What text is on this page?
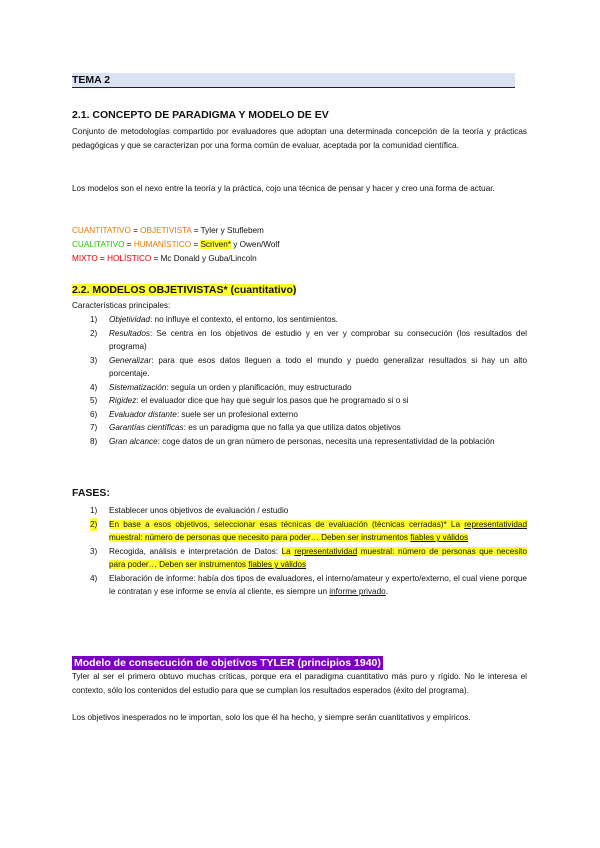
TEMA 2
2.1. CONCEPTO DE PARADIGMA Y MODELO DE EV
Conjunto de metodologías compartido por evaluadores que adoptan una determinada concepción de la teoría y prácticas pedagógicas y que se caracterizan por una forma común de evaluar, aceptada por la comunidad científica.
Los modelos son el nexo entre la teoría y la práctica, cojo una técnica de pensar y hacer y creo una forma de actuar.
CUANTITATIVO = OBJETIVISTA = Tyler y Stuflebem
CUALITATIVO = HUMANÍSTICO = Scriven* y Owen/Wolf
MIXTO = HOLÍSTICO = Mc Donald y Guba/Lincoln
2.2. MODELOS OBJETIVISTAS* (cuantitativo)
Características principales:
1) Objetividad: no influye el contexto, el entorno, los sentimientos.
2) Resultados: Se centra en los objetivos de estudio y en ver y comprobar su consecución (los resultados del programa)
3) Generalizar: para que esos datos lleguen a todo el mundo y puedo generalizar resultados si hay un alto porcentaje.
4) Sistematización: seguía un orden y planificación, muy estructurado
5) Rigidez: el evaluador dice que hay que seguir los pasos que he programado si o si
6) Evaluador distante: suele ser un profesional externo
7) Garantías científicas: es un paradigma que no falla ya que utiliza datos objetivos
8) Gran alcance: coge datos de un gran número de personas, necesita una representatividad de la población
FASES:
1) Establecer unos objetivos de evaluación / estudio
2) En base a esos objetivos, seleccionar esas técnicas de evaluación (técnicas cerradas)* La representatividad muestral: número de personas que necesito para poder… Deben ser instrumentos fiables y válidos
3) Recogida, análisis e interpretación de Datos: La representatividad muestral: número de personas que necesito para poder… Deben ser instrumentos fiables y válidos
4) Elaboración de informe: había dos tipos de evaluadores, el interno/amateur y experto/externo, el cual viene porque le contratan y ese informe se envía al cliente, es siempre un informe privado.
Modelo de consecución de objetivos TYLER (principios 1940)
Tyler al ser el primero obtuvo muchas críticas, porque era el paradigma cuantitativo más puro y rígido. No le interesa el contexto, sólo los contenidos del estudio para que se cumplan los resultados esperados (éxito del programa).
Los objetivos inesperados no le importan, solo los que él ha hecho, y siempre serán cuantitativos y empíricos.
